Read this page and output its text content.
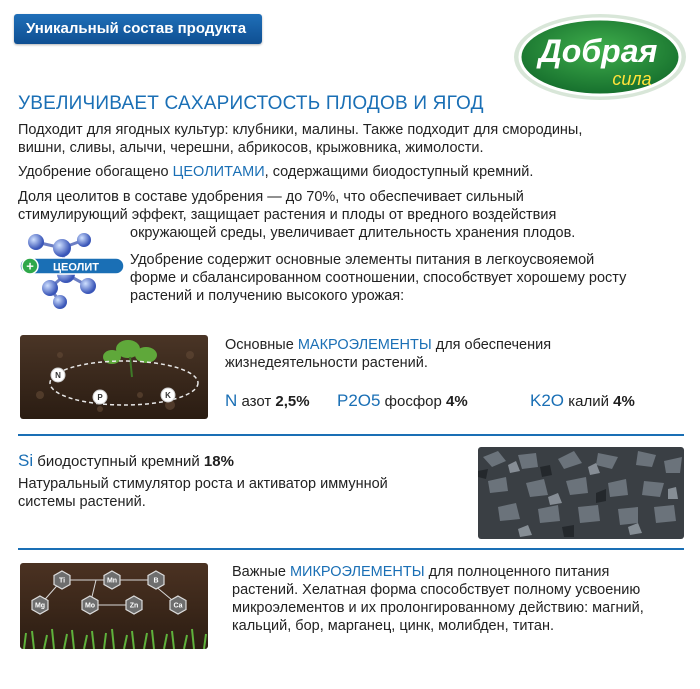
Уникальный состав продукта
Добрая
сила
УВЕЛИЧИВАЕТ САХАРИСТОСТЬ ПЛОДОВ И ЯГОД
Подходит для ягодных культур: клубники, малины. Также подходит для смородины,
вишни, сливы, алычи, черешни, абрикосов, крыжовника, жимолости.
Удобрение обогащено ЦЕОЛИТАМИ, содержащими биодоступный кремний.
Доля цеолитов в составе удобрения — до 70%, что обеспечивает сильный
стимулирующий эффект, защищает растения и плоды от вредного воздействия
окружающей среды, увеличивает длительность хранения плодов.
Удобрение содержит основные элементы питания в легкоусвояемой
форме и сбалансированном соотношении, способствует хорошему росту
растений и получению высокого урожая:
+ ЦЕОЛИТ
N
P	K
Основные МАКРОЭЛЕМЕНТЫ для обеспечения
жизнедеятельности растений.
N азот 2,5% P2O5 фосфор 4%	K2O калий 4%
Si биодоступный кремний 18%
Натуральный стимулятор роста и активатор иммунной
системы растений.
Ti	Mn	B
Mg	Mo	Zn	Ca
Важные МИКРОЭЛЕМЕНТЫ для полноценного питания
растений. Хелатная форма способствует полному усвоению
микроэлементов и их пролонгированному действию: магний,
кальций, бор, марганец, цинк, молибден, титан.
